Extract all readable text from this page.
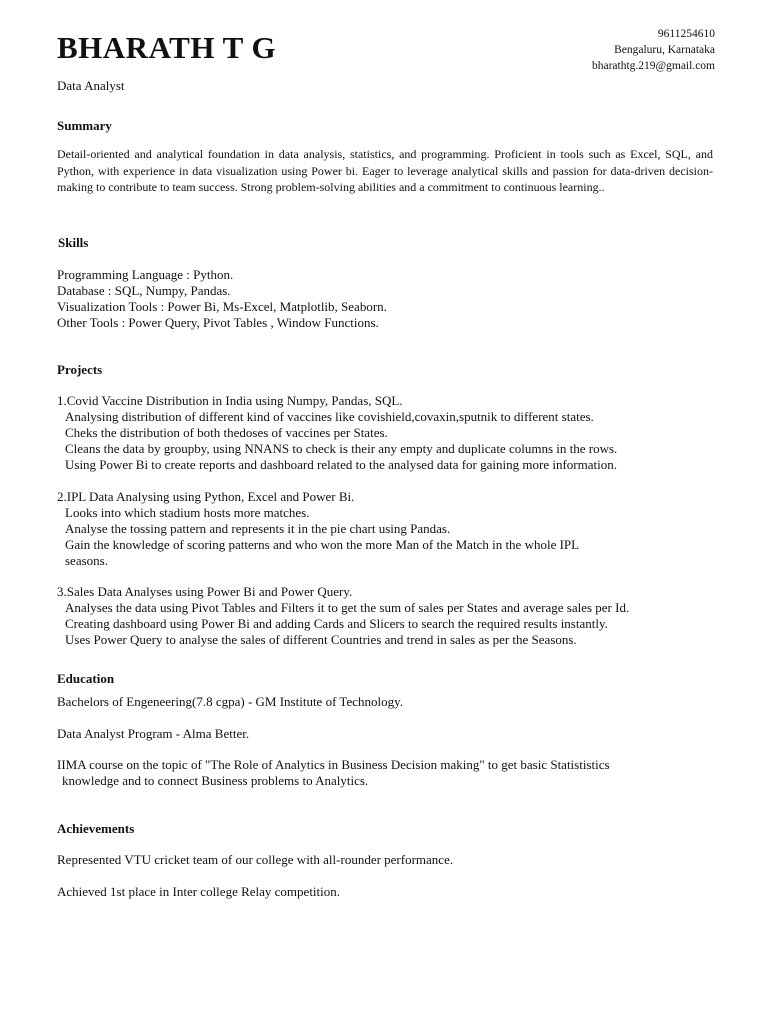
BHARATH T G
Data Analyst
9611254610
Bengaluru, Karnataka
bharathtg.219@gmail.com
Summary
Detail-oriented and analytical foundation in data analysis, statistics, and programming. Proficient in tools such as Excel, SQL, and Python, with experience in data visualization using Power bi. Eager to leverage analytical skills and passion for data-driven decision-making to contribute to team success. Strong problem-solving abilities and a commitment to continuous learning..
Skills
Programming Language : Python.
Database : SQL, Numpy, Pandas.
Visualization Tools : Power Bi, Ms-Excel, Matplotlib, Seaborn.
Other Tools : Power Query, Pivot Tables , Window Functions.
Projects
1.Covid Vaccine Distribution in India using Numpy, Pandas, SQL.
Analysing distribution of different kind of vaccines like covishield,covaxin,sputnik to different states.
Cheks the distribution of both thedoses of vaccines per States.
Cleans the data by groupby, using NNANS to check is their any empty and duplicate columns in the rows.
Using Power Bi to create reports and dashboard related to the analysed data for gaining more information.
2.IPL Data Analysing using Python, Excel and Power Bi.
Looks into which stadium hosts more matches.
Analyse the tossing pattern and represents it in the pie chart using Pandas.
Gain the knowledge of scoring patterns and who won the more Man of the Match in the whole IPL
seasons.
3.Sales Data Analyses using Power Bi and Power Query.
Analyses the data using Pivot Tables and Filters it to get the sum of sales per States and average sales per Id.
Creating dashboard using Power Bi and adding Cards and Slicers to search the required results instantly.
Uses Power Query to analyse the sales of different Countries and trend in sales as per the Seasons.
Education
Bachelors of Engeneering(7.8 cgpa) - GM Institute of Technology.
Data Analyst Program - Alma Better.
IIMA course on the topic of "The Role of Analytics in Business Decision making" to get basic Statististics
knowledge and to connect Business problems to Analytics.
Achievements
Represented VTU cricket team of our college with all-rounder performance.
Achieved 1st place in Inter college Relay competition.
